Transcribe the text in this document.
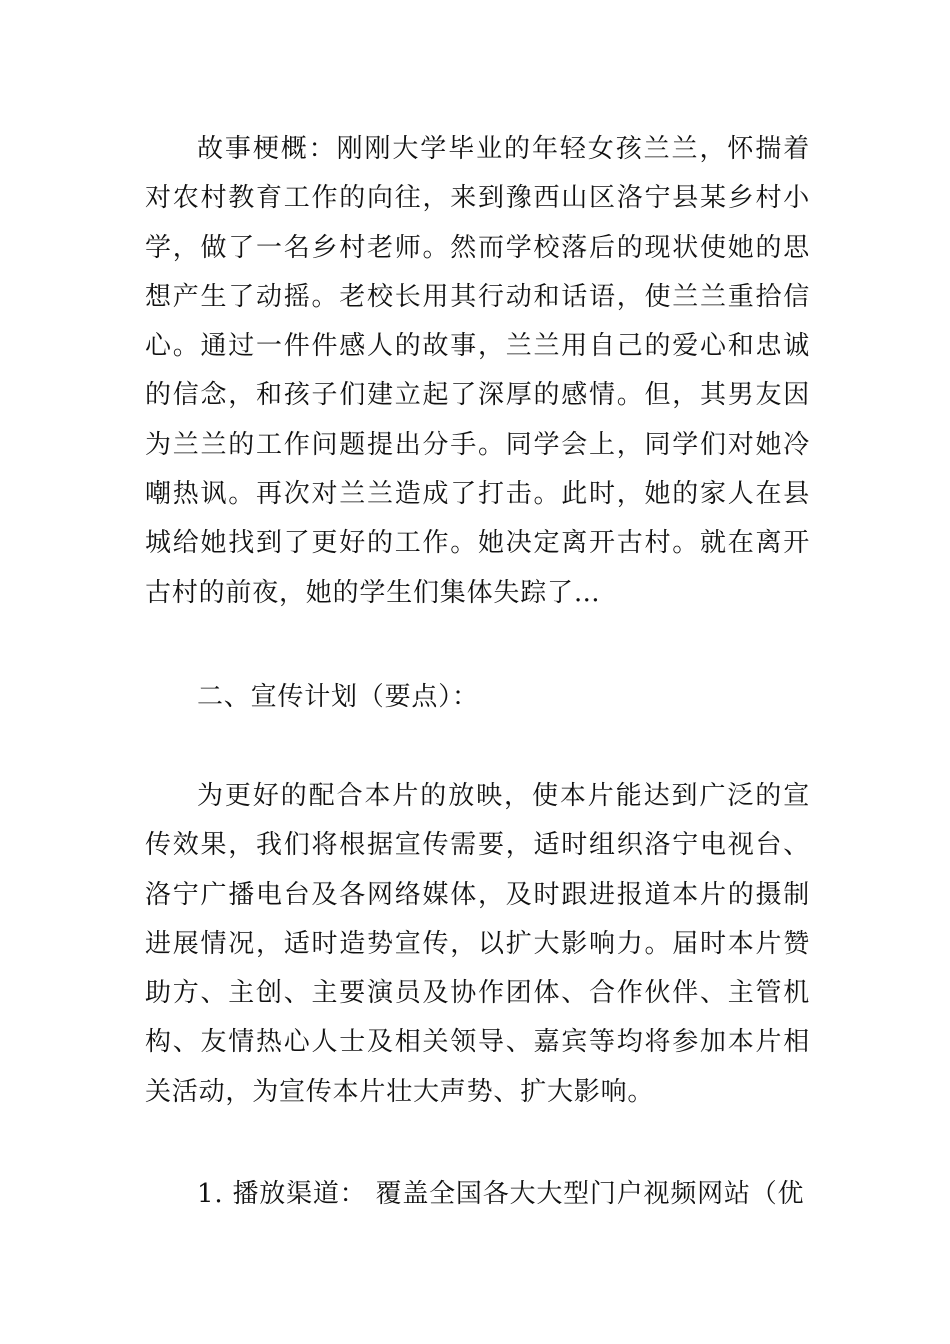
故事梗概：刚刚大学毕业的年轻女孩兰兰，怀揣着对农村教育工作的向往，来到豫西山区洛宁县某乡村小学，做了一名乡村老师。然而学校落后的现状使她的思想产生了动摇。老校长用其行动和话语，使兰兰重拾信心。通过一件件感人的故事，兰兰用自己的爱心和忠诚的信念，和孩子们建立起了深厚的感情。但，其男友因为兰兰的工作问题提出分手。同学会上，同学们对她冷嘲热讽。再次对兰兰造成了打击。此时，她的家人在县城给她找到了更好的工作。她决定离开古村。就在离开古村的前夜，她的学生们集体失踪了…

二、宣传计划（要点）：

为更好的配合本片的放映，使本片能达到广泛的宣传效果，我们将根据宣传需要，适时组织洛宁电视台、洛宁广播电台及各网络媒体，及时跟进报道本片的摄制进展情况，适时造势宣传，以扩大影响力。届时本片赞助方、主创、主要演员及协作团体、合作伙伴、主管机构、友情热心人士及相关领导、嘉宾等均将参加本片相关活动，为宣传本片壮大声势、扩大影响。

1. 播放渠道： 覆盖全国各大大型门户视频网站（优
